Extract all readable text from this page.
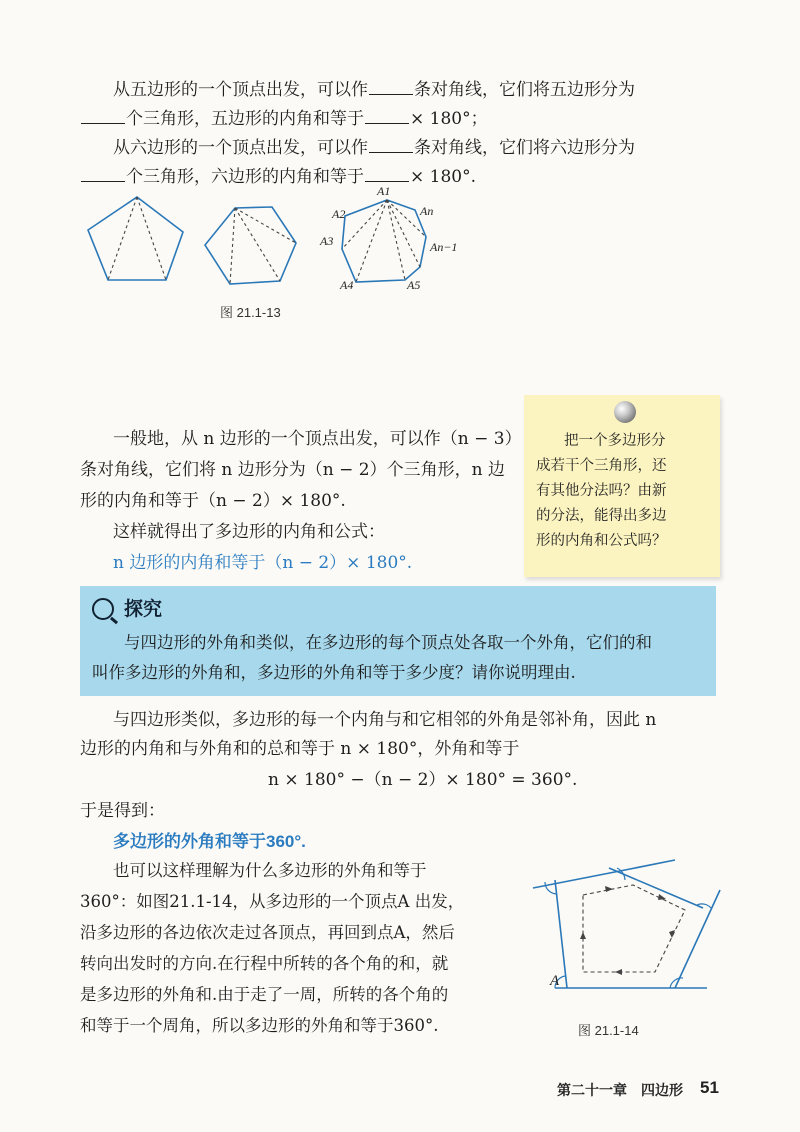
从五边形的一个顶点出发，可以作	条对角线，它们将五边形分为
个三角形，五边形的内角和等于	× 180°；
从六边形的一个顶点出发，可以作	条对角线，它们将六边形分为
个三角形，六边形的内角和等于	× 180°.
A1
A2
A3
A4	A5
An
An−1
图 21.1-13
一般地，从 n 边形的一个顶点出发，可以作（n − 3）
条对角线，它们将 n 边形分为（n − 2）个三角形，n 边
形的内角和等于（n − 2）× 180°.
这样就得出了多边形的内角和公式：
n 边形的内角和等于（n − 2）× 180°.
把一个多边形分
成若干个三角形，还
有其他分法吗？由新
的分法，能得出多边
形的内角和公式吗？
探究
与四边形的外角和类似，在多边形的每个顶点处各取一个外角，它们的和
叫作多边形的外角和，多边形的外角和等于多少度？请你说明理由.
与四边形类似，多边形的每一个内角与和它相邻的外角是邻补角，因此 n
边形的内角和与外角和的总和等于 n × 180°，外角和等于
n × 180° −（n − 2）× 180° = 360°.
于是得到：
多边形的外角和等于360°.
也可以这样理解为什么多边形的外角和等于
360°：如图21.1-14，从多边形的一个顶点A 出发，
沿多边形的各边依次走过各顶点，再回到点A，然后
转向出发时的方向.在行程中所转的各个角的和，就
是多边形的外角和.由于走了一周，所转的各个角的
和等于一个周角，所以多边形的外角和等于360°.
A
图 21.1-14
第二十一章　四边形 51
